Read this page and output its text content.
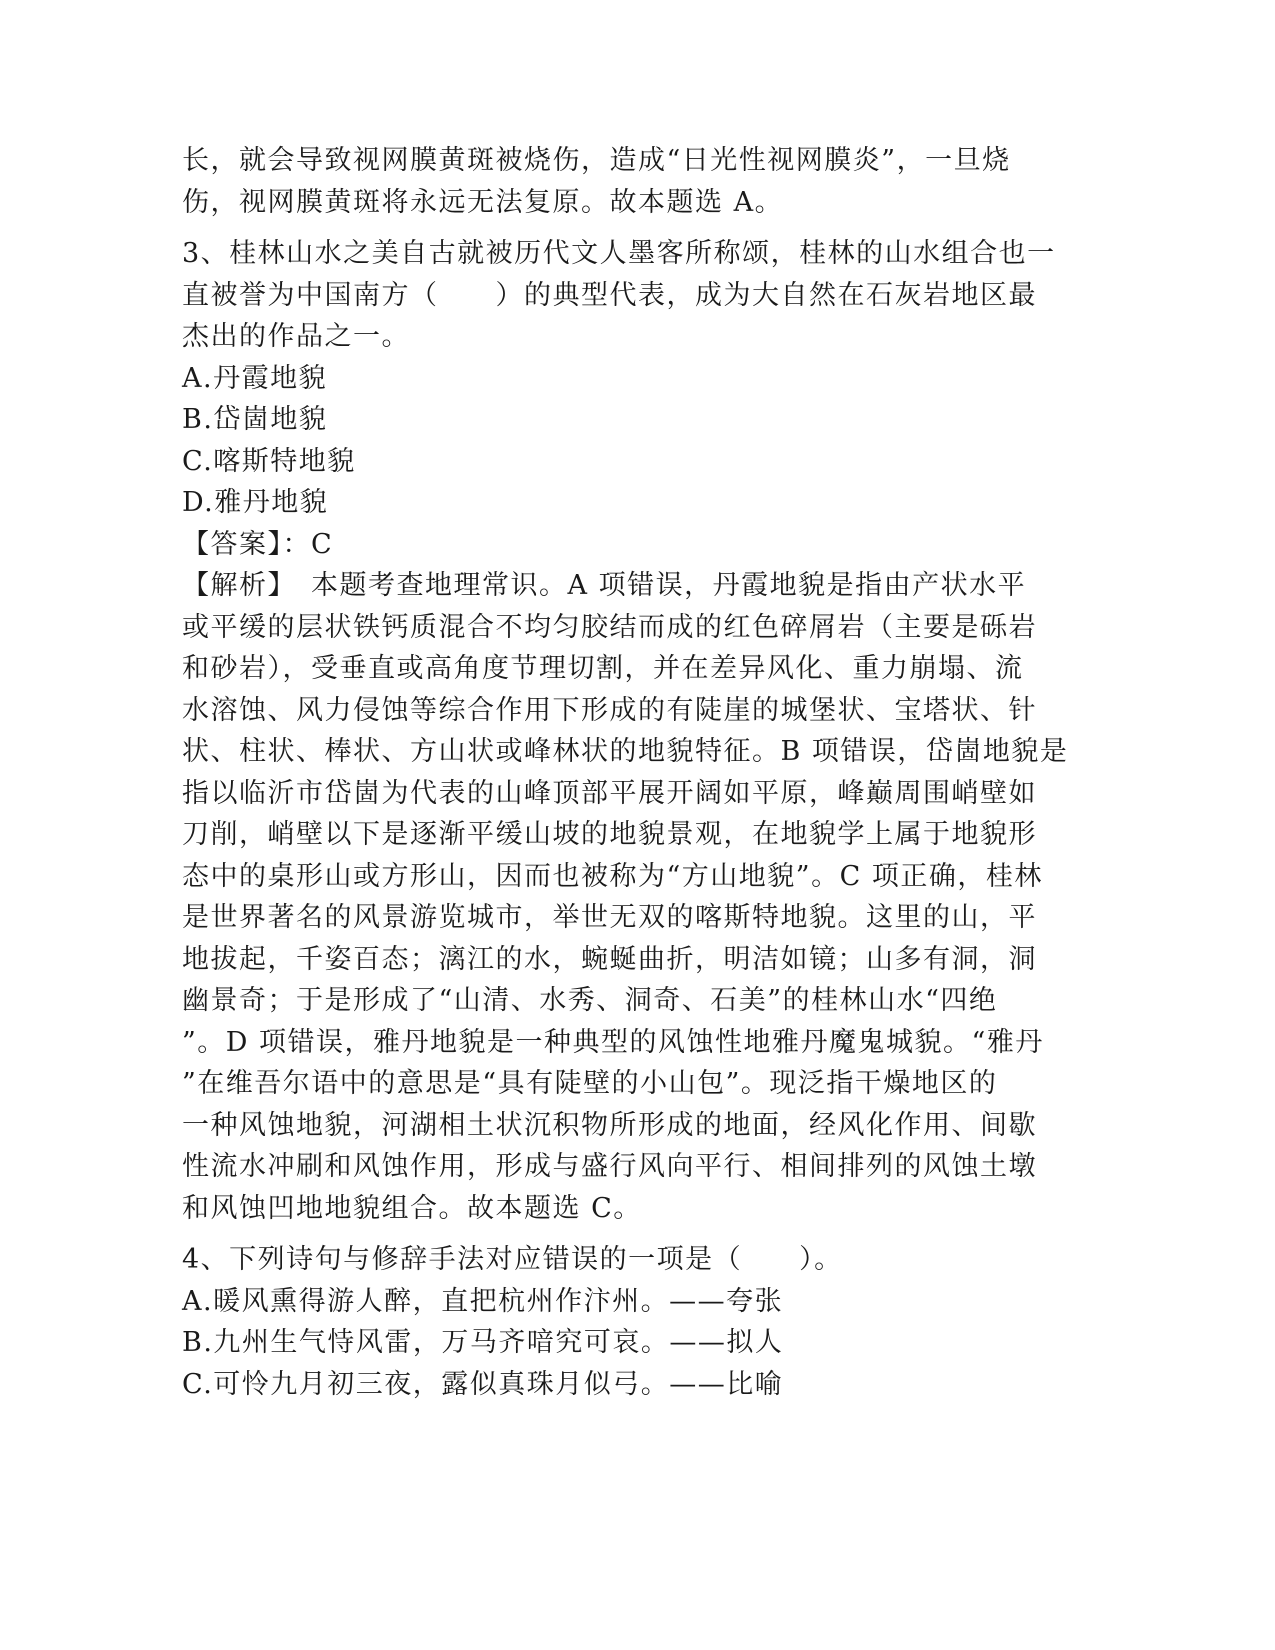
长，就会导致视网膜黄斑被烧伤，造成“日光性视网膜炎”，一旦烧

伤，视网膜黄斑将永远无法复原。故本题选 A。

3、桂林山水之美自古就被历代文人墨客所称颂，桂林的山水组合也一

直被誉为中国南方（　　）的典型代表，成为大自然在石灰岩地区最

杰出的作品之一。

A.丹霞地貌

B.岱崮地貌

C.喀斯特地貌

D.雅丹地貌

【答案】：C

【解析】　本题考查地理常识。A 项错误，丹霞地貌是指由产状水平

或平缓的层状铁钙质混合不均匀胶结而成的红色碎屑岩（主要是砾岩

和砂岩），受垂直或高角度节理切割，并在差异风化、重力崩塌、流

水溶蚀、风力侵蚀等综合作用下形成的有陡崖的城堡状、宝塔状、针

状、柱状、棒状、方山状或峰林状的地貌特征。B 项错误，岱崮地貌是

指以临沂市岱崮为代表的山峰顶部平展开阔如平原，峰巅周围峭壁如

刀削，峭壁以下是逐渐平缓山坡的地貌景观，在地貌学上属于地貌形

态中的桌形山或方形山，因而也被称为“方山地貌”。C 项正确，桂林

是世界著名的风景游览城市，举世无双的喀斯特地貌。这里的山，平

地拔起，千姿百态；漓江的水，蜿蜒曲折，明洁如镜；山多有洞，洞

幽景奇；于是形成了“山清、水秀、洞奇、石美”的桂林山水“四绝

”。D 项错误，雅丹地貌是一种典型的风蚀性地雅丹魔鬼城貌。“雅丹

”在维吾尔语中的意思是“具有陡壁的小山包”。现泛指干燥地区的

一种风蚀地貌，河湖相土状沉积物所形成的地面，经风化作用、间歇

性流水冲刷和风蚀作用，形成与盛行风向平行、相间排列的风蚀土墩

和风蚀凹地地貌组合。故本题选 C。

4、下列诗句与修辞手法对应错误的一项是（　　）。

A.暖风熏得游人醉，直把杭州作汴州。——夸张

B.九州生气恃风雷，万马齐喑究可哀。——拟人

C.可怜九月初三夜，露似真珠月似弓。——比喻
